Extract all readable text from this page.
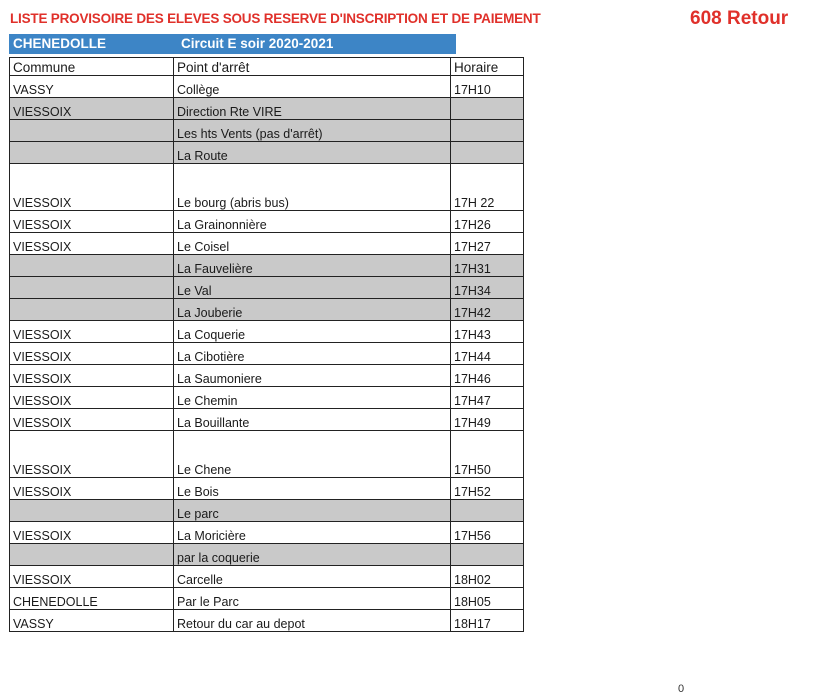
LISTE PROVISOIRE DES ELEVES SOUS RESERVE D'INSCRIPTION ET DE PAIEMENT	608 Retour
CHENEDOLLE	Circuit E soir 2020-2021
Commune	Point d'arrêt	Horaire
VASSY	Collège	17H10
VIESSOIX	Direction Rte VIRE	
	Les hts Vents (pas d'arrêt)	
	La Route	
VIESSOIX	Le bourg (abris bus)	17H 22
VIESSOIX	La Grainonnière	17H26
VIESSOIX	Le Coisel	17H27
	La Fauvelière	17H31
	Le Val	17H34
	La Jouberie	17H42
VIESSOIX	La Coquerie	17H43
VIESSOIX	La Cibotière	17H44
VIESSOIX	La Saumoniere	17H46
VIESSOIX	Le Chemin	17H47
VIESSOIX	La Bouillante	17H49
VIESSOIX	Le Chene	17H50
VIESSOIX	Le Bois	17H52
	Le parc	
VIESSOIX	La Moricière	17H56
	par la coquerie	
VIESSOIX	Carcelle	18H02
CHENEDOLLE	Par le Parc	18H05
VASSY	Retour du car au depot	18H17
0
